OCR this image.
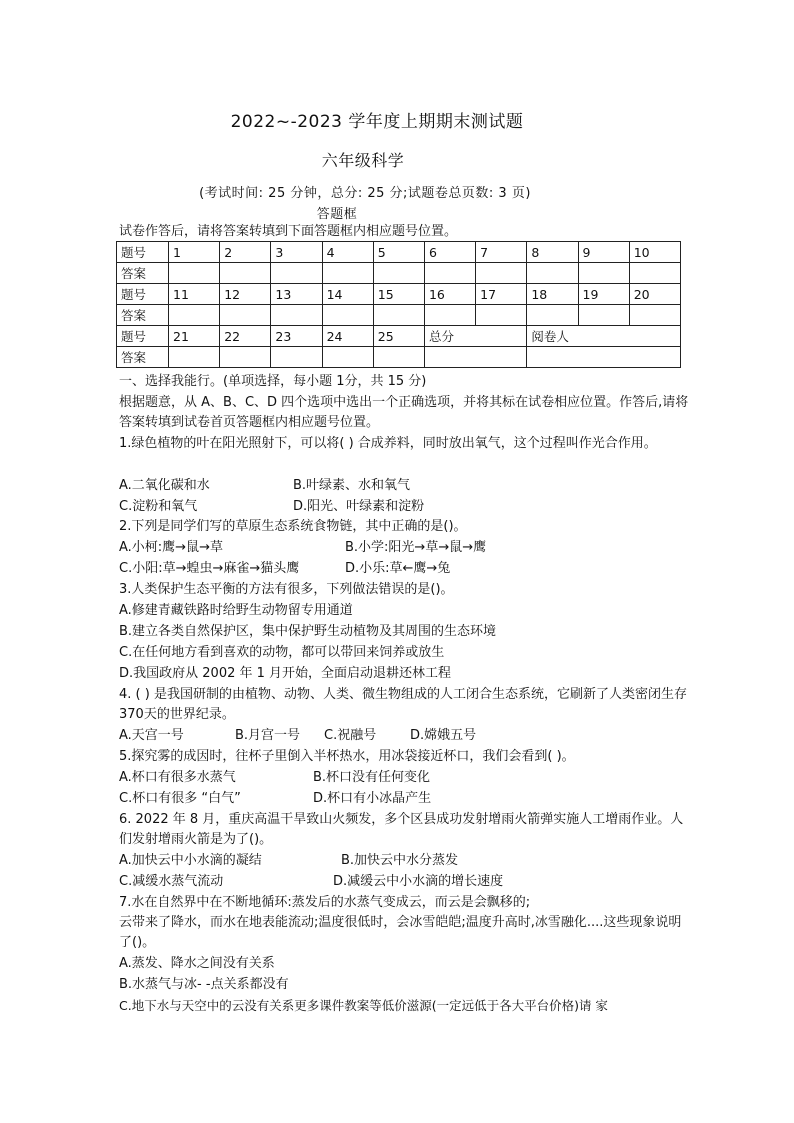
2022~-2023 学年度上期期末测试题
六年级科学
(考试时间: 25 分钟，总分: 25 分;试题卷总页数: 3 页)
答题框
试卷作答后，请将答案转填到下面答题框内相应题号位置。
题号	1	2	3	4	5	6	7	8	9	10
答案										
题号	11	12	13	14	15	16	17	18	19	20
答案										
题号	21	22	23	24	25	总分		阅卷人		
答案										
一、选择我能行。(单项选择，每小题 1分，共 15 分)
根据题意，从 A、B、C、D 四个选项中选出一个正确选项，并将其标在试卷相应位置。作答后,请将答案转填到试卷首页答题框内相应题号位置。
1.绿色植物的叶在阳光照射下，可以将( ) 合成养料，同时放出氧气，这个过程叫作光合作用。
A.二氧化碳和水	B.叶绿素、水和氧气
C.淀粉和氧气	D.阳光、叶绿素和淀粉
2.下列是同学们写的草原生态系统食物链，其中正确的是()。
A.小柯:鹰→鼠→草	B.小学:阳光→草→鼠→鹰
C.小阳:草→蝗虫→麻雀→猫头鹰	D.小乐:草←鹰→兔
3.人类保护生态平衡的方法有很多，下列做法错误的是()。
A.修建青藏铁路时给野生动物留专用通道
B.建立各类自然保护区，集中保护野生动植物及其周围的生态环境
C.在任何地方看到喜欢的动物，都可以带回来饲养或放生
D.我国政府从 2002 年 1 月开始，全面启动退耕还林工程
4. ( ) 是我国研制的由植物、动物、人类、微生物组成的人工闭合生态系统，它刷新了人类密闭生存 370天的世界纪录。
A.天宫一号	B.月宫一号 C.祝融号	D.嫦娥五号
5.探究雾的成因时，往杯子里倒入半杯热水，用冰袋接近杯口，我们会看到( )。
A.杯口有很多水蒸气	B.杯口没有任何变化
C.杯口有很多 “白气”	D.杯口有小冰晶产生
6. 2022 年 8 月，重庆高温干旱致山火频发，多个区县成功发射增雨火箭弹实施人工增雨作业。人们发射增雨火箭是为了()。
A.加快云中小水滴的凝结	B.加快云中水分蒸发
C.减缓水蒸气流动	D.减缓云中小水滴的增长速度
7.水在自然界中在不断地循环:蒸发后的水蒸气变成云，而云是会飘移的;
云带来了降水，而水在地表能流动;温度很低时，会冰雪皑皑;温度升高时,冰雪融化....这些现象说明了()。
A.蒸发、降水之间没有关系
B.水蒸气与冰- -点关系都没有
C.地下水与天空中的云没有关系更多课件教案等低价滋源(一定远低于各大平台价格)请 家
